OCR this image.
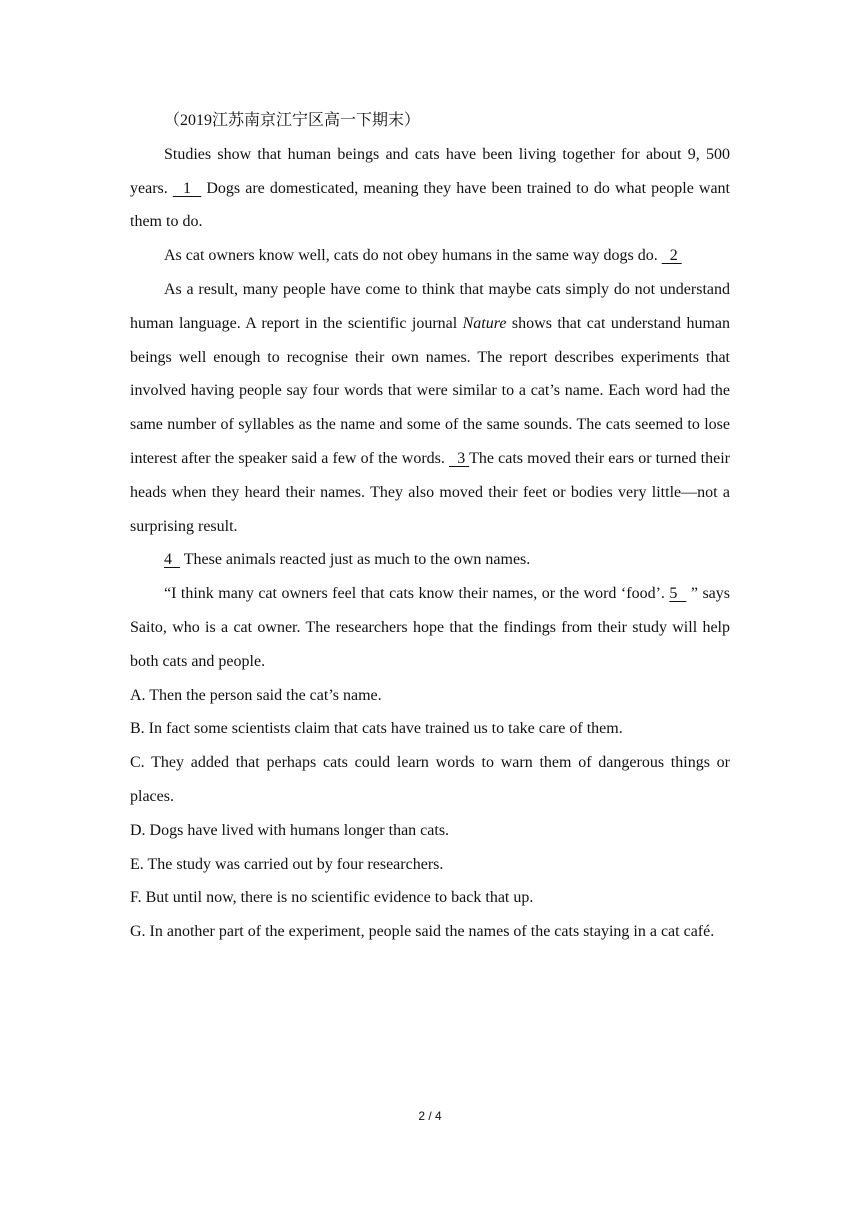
（2019江苏南京江宁区高一下期末）

Studies show that human beings and cats have been living together for about 9, 500 years.   1   Dogs are domesticated, meaning they have been trained to do what people want them to do.

As cat owners know well, cats do not obey humans in the same way dogs do.   2

As a result, many people have come to think that maybe cats simply do not understand human language. A report in the scientific journal Nature shows that cat understand human beings well enough to recognise their own names. The report describes experiments that involved having people say four words that were similar to a cat’s name. Each word had the same number of syllables as the name and some of the same sounds. The cats seemed to lose interest after the speaker said a few of the words.   3 The cats moved their ears or turned their heads when they heard their names. They also moved their feet or bodies very little—not a surprising result.

4   These animals reacted just as much to the own names.

“I think many cat owners feel that cats know their names, or the word ‘food’. 5   ” says Saito, who is a cat owner. The researchers hope that the findings from their study will help both cats and people.

A. Then the person said the cat’s name.

B. In fact some scientists claim that cats have trained us to take care of them.

C. They added that perhaps cats could learn words to warn them of dangerous things or places.

D. Dogs have lived with humans longer than cats.

E. The study was carried out by four researchers.

F. But until now, there is no scientific evidence to back that up.

G. In another part of the experiment, people said the names of the cats staying in a cat café.

2 / 4
